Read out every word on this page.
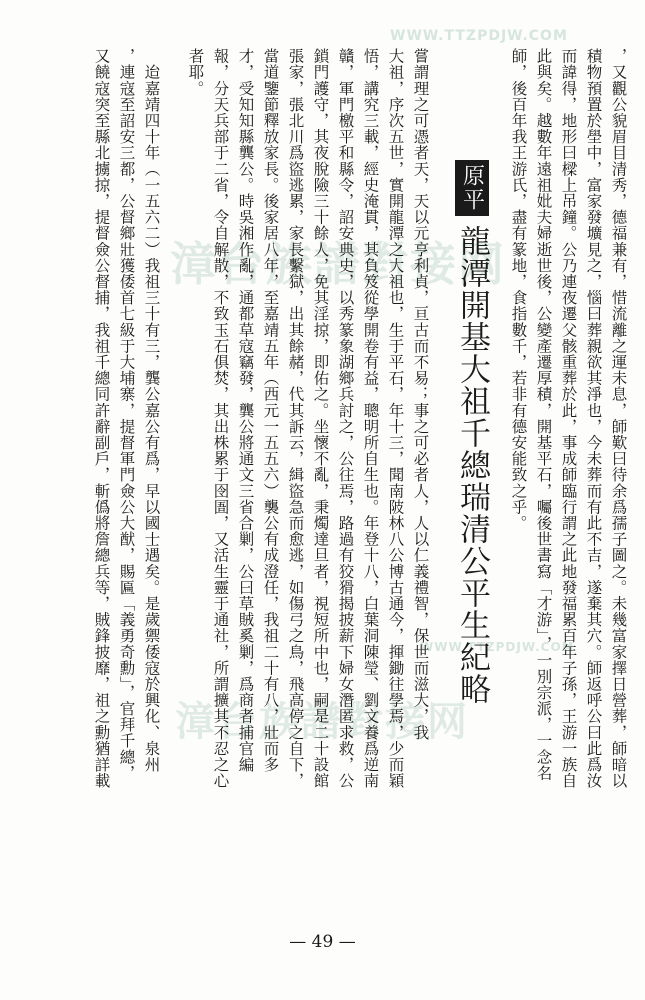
WWW.TTZPDJW.COM
漳台族譜對接网
漳台族譜對接网
WWW.TTZPDJW.COM ，又觀公貌眉目清秀，德福兼有，惜流離之運未息，師歎曰待余爲孺子圖之。未幾富家擇日營葬，師暗以
積物預置於壆中，富家發壙見之，惱曰葬親欲其淨也，今未葬而有此不吉，遂棄其穴。師返呼公曰此爲汝
而諱得，地形曰樑上吊鐘。公乃連夜遷父骸重葬於此，事成師臨行謂之此地發福累百年子孫，王游一族自
此與矣。越數年遠祖妣夫婦逝世後，公變產遷厚積，開基平石，囑後世書寫「才游」，一別宗派，一念名
師，後百年我王游氏，盡有篆地，食指數千，若非有德安能致之乎。
原平
龍潭開基大祖千總瑞清公平生紀略
嘗謂理之可憑者天，天以元亨利貞，亘古而不易；事之可必者人，人以仁義禮智，保世而滋大，我
大祖，序次五世，實開龍潭之大祖也，生于平石，年十三，聞南陂林八公博古通今，揮鋤往學焉，少而穎
悟，講究三載，經史淹貫，其負笈從學開卷有益，聰明所自生也。年登十八，白葉洞陳瑩、劉文養爲逆南
贛，軍門檄平和縣令，詔安典史，以秀篆象湖鄉兵討之，公往焉，路過有狡猾揭披薪下婦女潛匿求救，公
鎖門護守，其夜脫險三十餘人，免其淫掠，即佑之。坐懷不亂，秉燭達旦者，視短所中也，嗣是二十設館
張家，張北川爲盜逃累，家長繫獄，出其餘赭，代其訴云，緝盜急而愈逃，如傷弓之鳥，飛高停之自下，
當道鑒節釋放家長。後家居八年，至嘉靖五年（西元一五五六）襲公有成澄任，我祖二十有八，壯而多
才，受知知縣龔公。時吳湘作亂，通都草寇竊發，龔公將通文三省合剿，公曰草賊奚剿，爲商者捕官編
報，分天兵部于二省，令自解散，不致玉石俱焚，其出株累于囹圄，又活生靈于通社，所謂擴其不忍之心
者耶。
　迨嘉靖四十年（一五六二）我祖三十有三，龔公嘉公有爲，早以國士遇矣。是歲禦倭寇於興化、泉州
，連寇至詔安三都，公督鄉壯獲倭首七級于大埔寨，提督軍門僉公大猷，賜匾「義勇奇勳」，官拜千總，
又饒寇突至縣北擄掠，提督僉公督捕，我祖千總同許辭副戶，斬僞將詹總兵等，賊鋒披靡，祖之勳猶詳載
— 49 —
